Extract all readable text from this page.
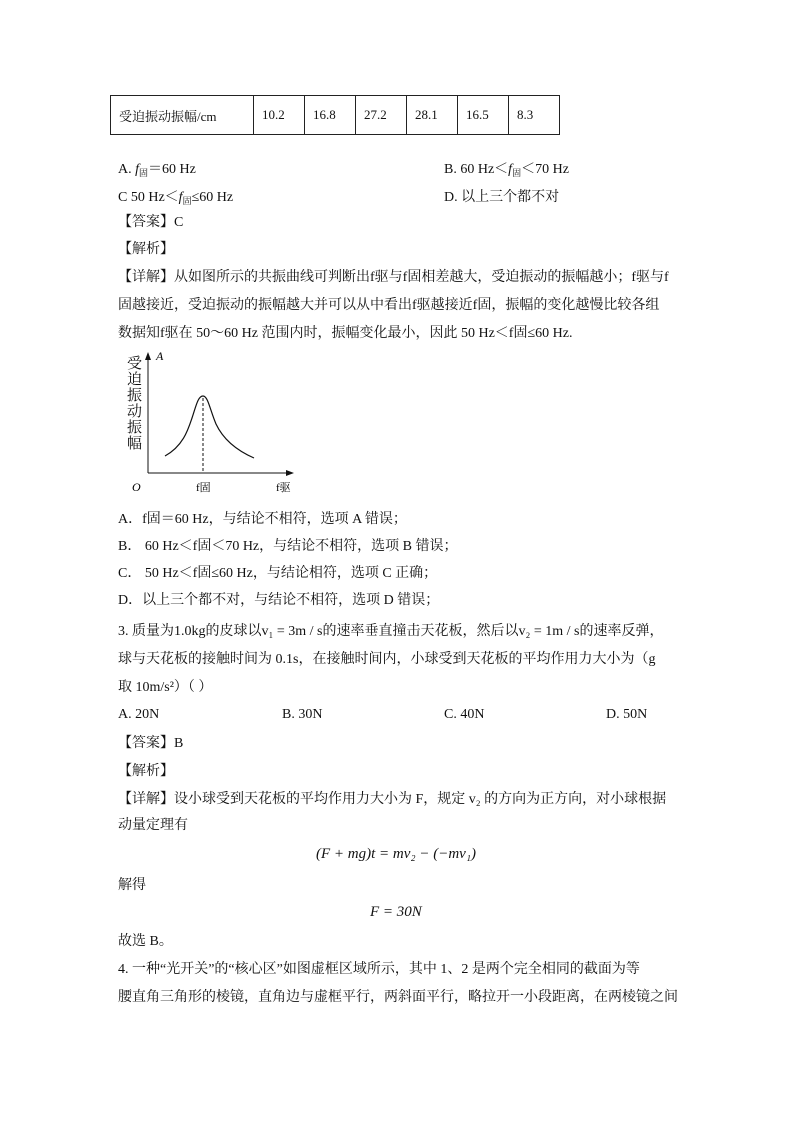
受迫振动振幅/cm	10.2	16.8	27.2	28.1	16.5	8.3
A. $f_固=60$ Hz	B. 60 $Hz<f_固<70$ Hz
C 50 $Hz<f_固\le 60$ Hz	D. 以上三个都不对
【答案】C
【解析】
【详解】从如图所示的共振曲线可判断出f驱与f固相差越大，受迫振动的振幅越小；f驱与f
固越接近，受迫振动的振幅越大并可以从中看出f驱越接近f固，振幅的变化越慢比较各组
数据知f驱在 50～60 Hz 范围内时，振幅变化最小，因此 50 Hz＜f固≤60 Hz.
A
O	f固	f驱
受
迫
振
动
振
幅
A．f固＝60 Hz，与结论不相符，选项 A 错误；
B． 60 Hz＜f固＜70 Hz，与结论不相符，选项 B 错误；
C． 50 Hz＜f固≤60 Hz，与结论相符，选项 C 正确；
D．以上三个都不对，与结论不相符，选项 D 错误；
3. 质量为1.0kg的皮球以v₁ = 3m / s的速率垂直撞击天花板，然后以v₂ = 1m / s的速率反弹，
球与天花板的接触时间为 0.1s，在接触时间内，小球受到天花板的平均作用力大小为（g
取 10m/s²）（ ）
A. 20N	B. 30N	C. 40N	D. 50N
【答案】B
【解析】
【详解】设小球受到天花板的平均作用力大小为 F，规定 v₂ 的方向为正方向，对小球根据
动量定理有
(F + mg)t = mv₂ − (−mv₁)
解得
F = 30N
故选 B。
4. 一种“光开关”的“核心区”如图虚框区域所示，其中 1、2 是两个完全相同的截面为等
腰直角三角形的棱镜，直角边与虚框平行，两斜面平行，略拉开一小段距离，在两棱镜之间
